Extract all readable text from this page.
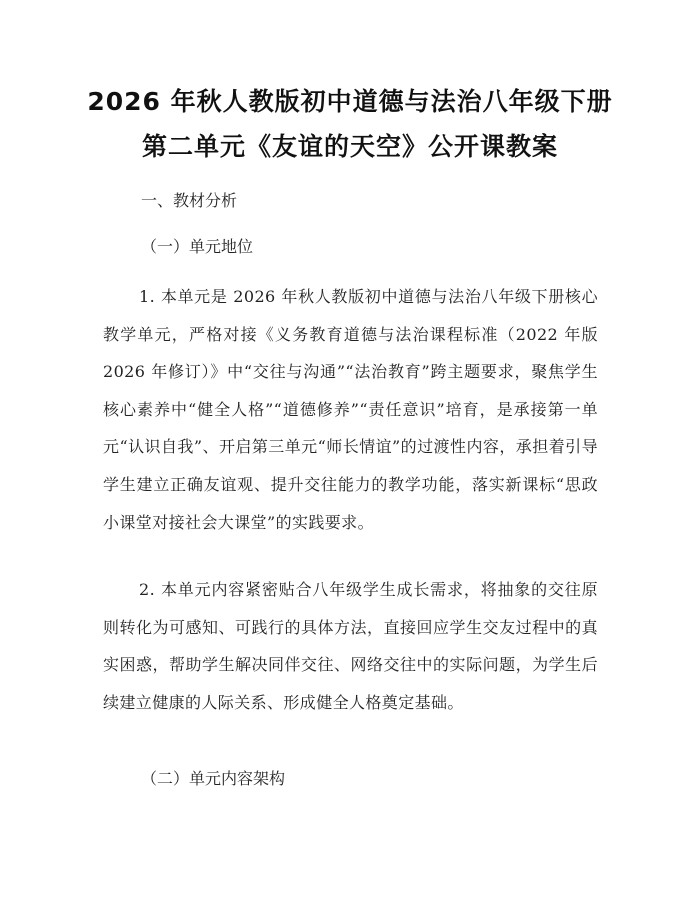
2026 年秋人教版初中道德与法治八年级下册
第二单元《友谊的天空》公开课教案
一、教材分析
（一）单元地位

1. 本单元是 2026 年秋人教版初中道德与法治八年级下册核心教学单元，严格对接《义务教育道德与法治课程标准（2022 年版 2026 年修订）》中“交往与沟通”“法治教育”跨主题要求，聚焦学生核心素养中“健全人格”“道德修养”“责任意识”培育，是承接第一单元“认识自我”、开启第三单元“师长情谊”的过渡性内容，承担着引导学生建立正确友谊观、提升交往能力的教学功能，落实新课标“思政小课堂对接社会大课堂”的实践要求。

2. 本单元内容紧密贴合八年级学生成长需求，将抽象的交往原则转化为可感知、可践行的具体方法，直接回应学生交友过程中的真实困惑，帮助学生解决同伴交往、网络交往中的实际问题，为学生后续建立健康的人际关系、形成健全人格奠定基础。

（二）单元内容架构
